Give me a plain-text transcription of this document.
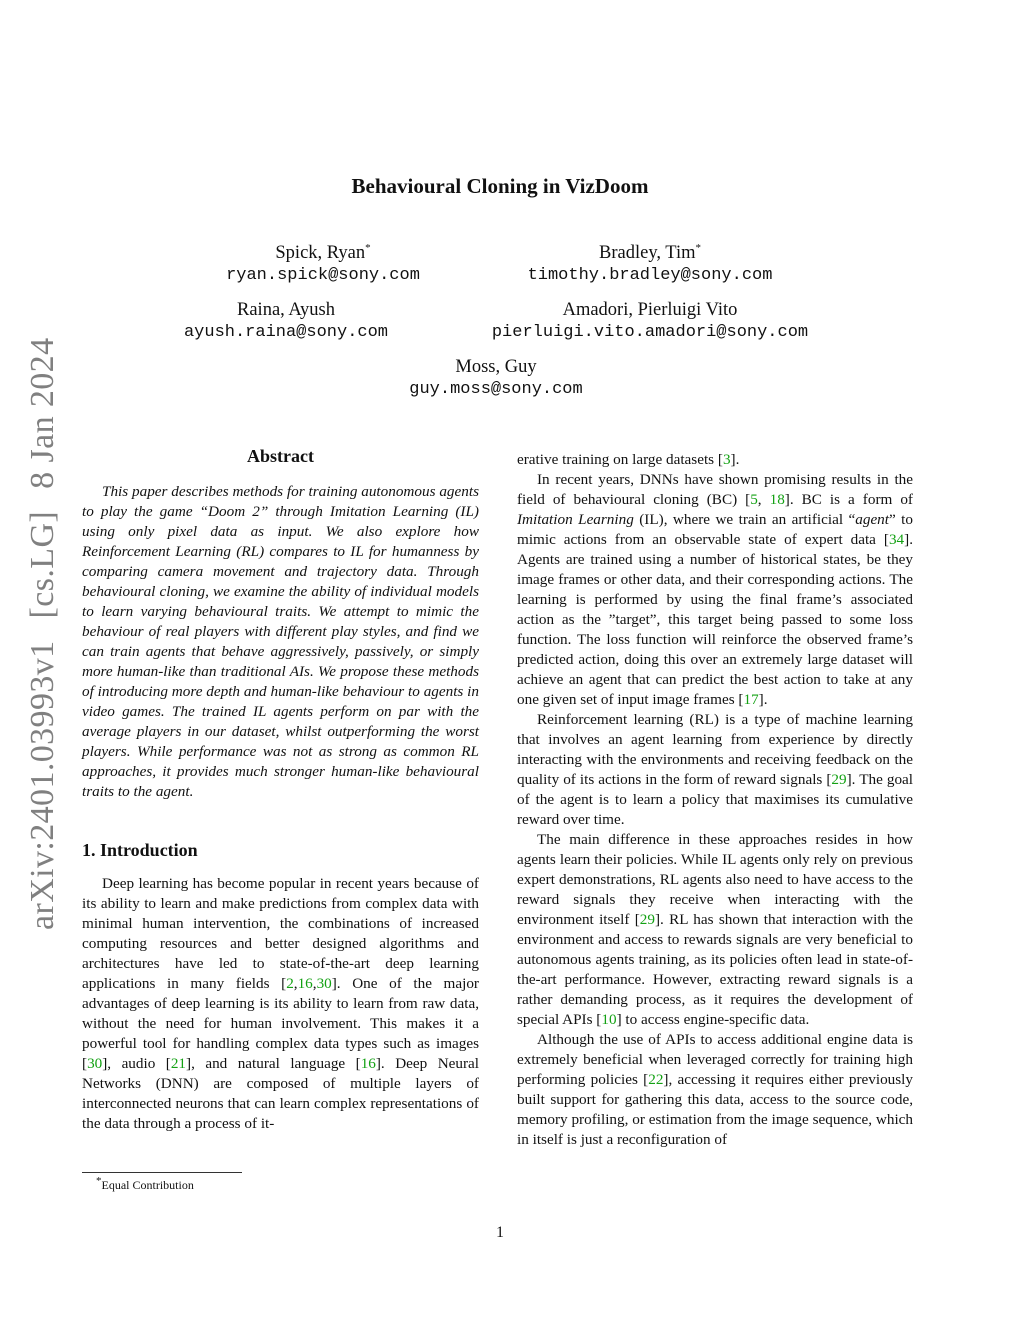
arXiv:2401.03993v1[cs.LG]8 Jan 2024
Behavioural Cloning in VizDoom
Spick, Ryan*
ryan.spick@sony.com
Bradley, Tim*
timothy.bradley@sony.com
Raina, Ayush
ayush.raina@sony.com
Amadori, Pierluigi Vito
pierluigi.vito.amadori@sony.com
Moss, Guy
guy.moss@sony.com
Abstract

This paper describes methods for training autonomous agents to play the game “Doom 2” through Imitation Learning (IL) using only pixel data as input. We also explore how Reinforcement Learning (RL) compares to IL for humanness by comparing camera movement and trajectory data. Through behavioural cloning, we examine the ability of individual models to learn varying behavioural traits. We attempt to mimic the behaviour of real players with different play styles, and find we can train agents that behave aggressively, passively, or simply more human-like than traditional AIs. We propose these methods of introducing more depth and human-like behaviour to agents in video games. The trained IL agents perform on par with the average players in our dataset, whilst outperforming the worst players. While performance was not as strong as common RL approaches, it provides much stronger human-like behavioural traits to the agent.

1. Introduction

Deep learning has become popular in recent years because of its ability to learn and make predictions from complex data with minimal human intervention, the combinations of increased computing resources and better designed algorithms and architectures have led to state-of-the-art deep learning applications in many fields [2,16,30]. One of the major advantages of deep learning is its ability to learn from raw data, without the need for human involvement. This makes it a powerful tool for handling complex data types such as images [30], audio [21], and natural language [16]. Deep Neural Networks (DNN) are composed of multiple layers of interconnected neurons that can learn complex representations of the data through a process of it-

erative training on large datasets [3].

In recent years, DNNs have shown promising results in the field of behavioural cloning (BC) [5, 18]. BC is a form of Imitation Learning (IL), where we train an artificial “agent” to mimic actions from an observable state of expert data [34]. Agents are trained using a number of historical states, be they image frames or other data, and their corresponding actions. The learning is performed by using the final frame’s associated action as the ”target”, this target being passed to some loss function. The loss function will reinforce the observed frame’s predicted action, doing this over an extremely large dataset will achieve an agent that can predict the best action to take at any one given set of input image frames [17].

Reinforcement learning (RL) is a type of machine learning that involves an agent learning from experience by directly interacting with the environments and receiving feedback on the quality of its actions in the form of reward signals [29]. The goal of the agent is to learn a policy that maximises its cumulative reward over time.

The main difference in these approaches resides in how agents learn their policies. While IL agents only rely on previous expert demonstrations, RL agents also need to have access to the reward signals they receive when interacting with the environment itself [29]. RL has shown that interaction with the environment and access to rewards signals are very beneficial to autonomous agents training, as its policies often lead in state-of-the-art performance. However, extracting reward signals is a rather demanding process, as it requires the development of special APIs [10] to access engine-specific data.

Although the use of APIs to access additional engine data is extremely beneficial when leveraged correctly for training high performing policies [22], accessing it requires either previously built support for gathering this data, access to the source code, memory profiling, or estimation from the image sequence, which in itself is just a reconfiguration of

*Equal Contribution
1
